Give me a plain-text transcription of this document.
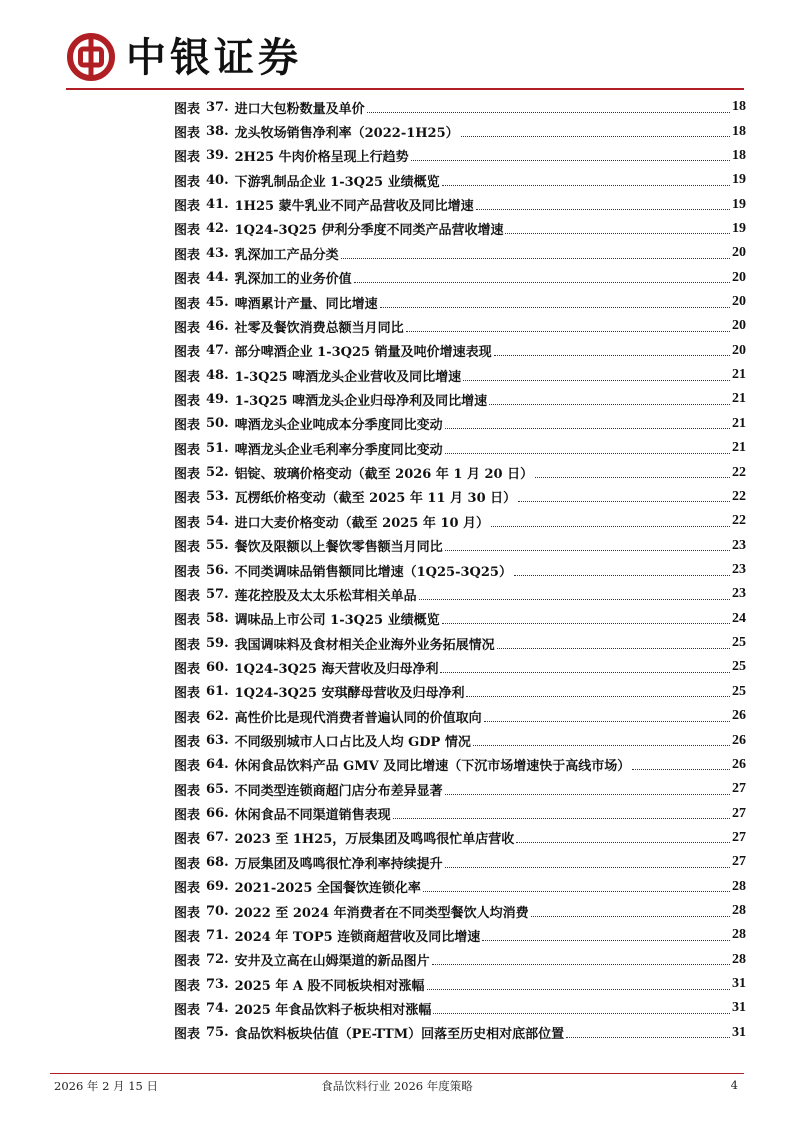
中银证券
图表 37. 进口大包粉数量及单价	18
图表 38. 龙头牧场销售净利率（2022-1H25）	18
图表 39. 2H25 牛肉价格呈现上行趋势	18
图表 40. 下游乳制品企业 1-3Q25 业绩概览	19
图表 41. 1H25 蒙牛乳业不同产品营收及同比增速	19
图表 42. 1Q24-3Q25 伊利分季度不同类产品营收增速	19
图表 43. 乳深加工产品分类	20
图表 44. 乳深加工的业务价值	20
图表 45. 啤酒累计产量、同比增速	20
图表 46. 社零及餐饮消费总额当月同比	20
图表 47. 部分啤酒企业 1-3Q25 销量及吨价增速表现	20
图表 48. 1-3Q25 啤酒龙头企业营收及同比增速	21
图表 49. 1-3Q25 啤酒龙头企业归母净利及同比增速	21
图表 50. 啤酒龙头企业吨成本分季度同比变动	21
图表 51. 啤酒龙头企业毛利率分季度同比变动	21
图表 52. 铝锭、玻璃价格变动（截至 2026 年 1 月 20 日）	22
图表 53. 瓦楞纸价格变动（截至 2025 年 11 月 30 日）	22
图表 54. 进口大麦价格变动（截至 2025 年 10 月）	22
图表 55. 餐饮及限额以上餐饮零售额当月同比	23
图表 56. 不同类调味品销售额同比增速（1Q25-3Q25）	23
图表 57. 莲花控股及太太乐松茸相关单品	23
图表 58. 调味品上市公司 1-3Q25 业绩概览	24
图表 59. 我国调味料及食材相关企业海外业务拓展情况	25
图表 60. 1Q24-3Q25 海天营收及归母净利	25
图表 61. 1Q24-3Q25 安琪酵母营收及归母净利	25
图表 62. 高性价比是现代消费者普遍认同的价值取向	26
图表 63. 不同级别城市人口占比及人均 GDP 情况	26
图表 64. 休闲食品饮料产品 GMV 及同比增速（下沉市场增速快于高线市场）	26
图表 65. 不同类型连锁商超门店分布差异显著	27
图表 66. 休闲食品不同渠道销售表现	27
图表 67. 2023 至 1H25，万辰集团及鸣鸣很忙单店营收	27
图表 68. 万辰集团及鸣鸣很忙净利率持续提升	27
图表 69. 2021-2025 全国餐饮连锁化率	28
图表 70. 2022 至 2024 年消费者在不同类型餐饮人均消费	28
图表 71. 2024 年 TOP5 连锁商超营收及同比增速	28
图表 72. 安井及立高在山姆渠道的新品图片	28
图表 73. 2025 年 A 股不同板块相对涨幅	31
图表 74. 2025 年食品饮料子板块相对涨幅	31
图表 75. 食品饮料板块估值（PE-TTM）回落至历史相对底部位置	31
2026 年 2 月 15 日	食品饮料行业 2026 年度策略	4
